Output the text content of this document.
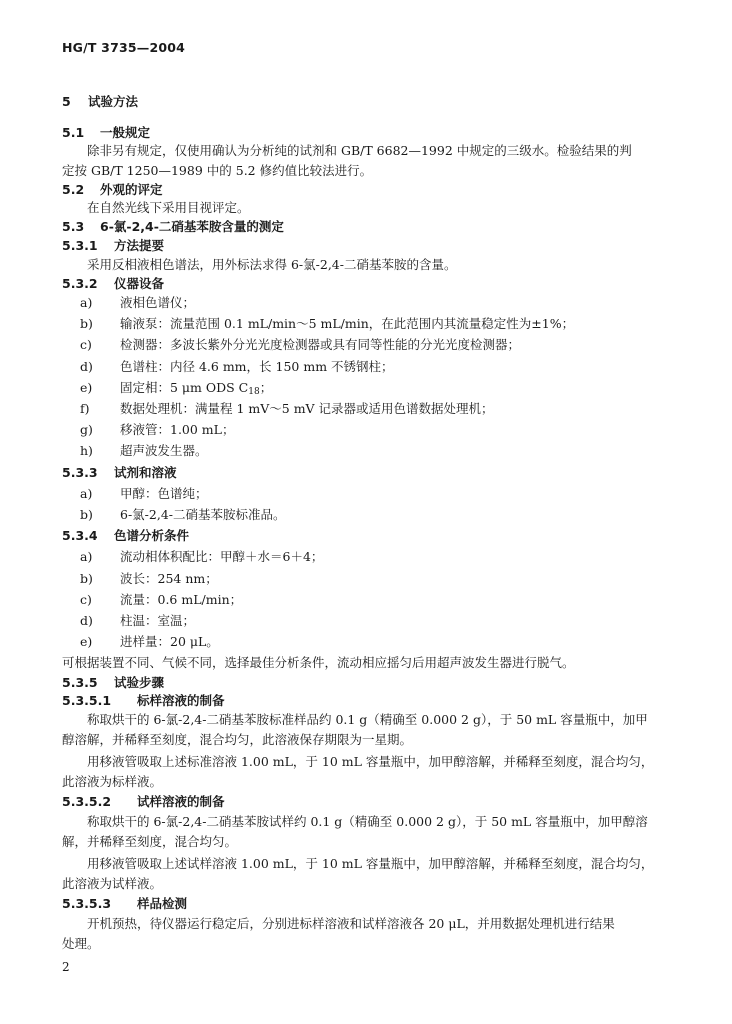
HG/T 3735—2004
5 试验方法
5.1 一般规定
除非另有规定，仅使用确认为分析纯的试剂和 GB/T 6682—1992 中规定的三级水。检验结果的判
定按 GB/T 1250—1989 中的 5.2 修约值比较法进行。
5.2 外观的评定
在自然光线下采用目视评定。
5.3 6-氯-2,4-二硝基苯胺含量的测定
5.3.1 方法提要
采用反相液相色谱法，用外标法求得 6-氯-2,4-二硝基苯胺的含量。
5.3.2 仪器设备
a) 液相色谱仪；
b) 输液泵：流量范围 0.1 mL/min～5 mL/min，在此范围内其流量稳定性为±1%；
c) 检测器：多波长紫外分光光度检测器或具有同等性能的分光光度检测器；
d) 色谱柱：内径 4.6 mm，长 150 mm 不锈钢柱；
e) 固定相：5 μm ODS $C_{18}$；
f) 数据处理机：满量程 1 mV～5 mV 记录器或适用色谱数据处理机；
g) 移液管：1.00 mL；
h) 超声波发生器。
5.3.3 试剂和溶液
a) 甲醇：色谱纯；
b) 6-氯-2,4-二硝基苯胺标准品。
5.3.4 色谱分析条件
a) 流动相体积配比：甲醇＋水＝6＋4；
b) 波长：254 nm；
c) 流量：0.6 mL/min；
d) 柱温：室温；
e) 进样量：20 μL。
可根据装置不同、气候不同，选择最佳分析条件，流动相应摇匀后用超声波发生器进行脱气。
5.3.5 试验步骤
5.3.5.1 标样溶液的制备
称取烘干的 6-氯-2,4-二硝基苯胺标准样品约 0.1 g（精确至 0.000 2 g），于 50 mL 容量瓶中，加甲
醇溶解，并稀释至刻度，混合均匀，此溶液保存期限为一星期。
用移液管吸取上述标准溶液 1.00 mL，于 10 mL 容量瓶中，加甲醇溶解，并稀释至刻度，混合均匀，
此溶液为标样液。
5.3.5.2 试样溶液的制备
称取烘干的 6-氯-2,4-二硝基苯胺试样约 0.1 g（精确至 0.000 2 g），于 50 mL 容量瓶中，加甲醇溶
解，并稀释至刻度，混合均匀。
用移液管吸取上述试样溶液 1.00 mL，于 10 mL 容量瓶中，加甲醇溶解，并稀释至刻度，混合均匀，
此溶液为试样液。
5.3.5.3 样品检测
开机预热，待仪器运行稳定后，分别进标样溶液和试样溶液各 20 μL，并用数据处理机进行结果
处理。
2
